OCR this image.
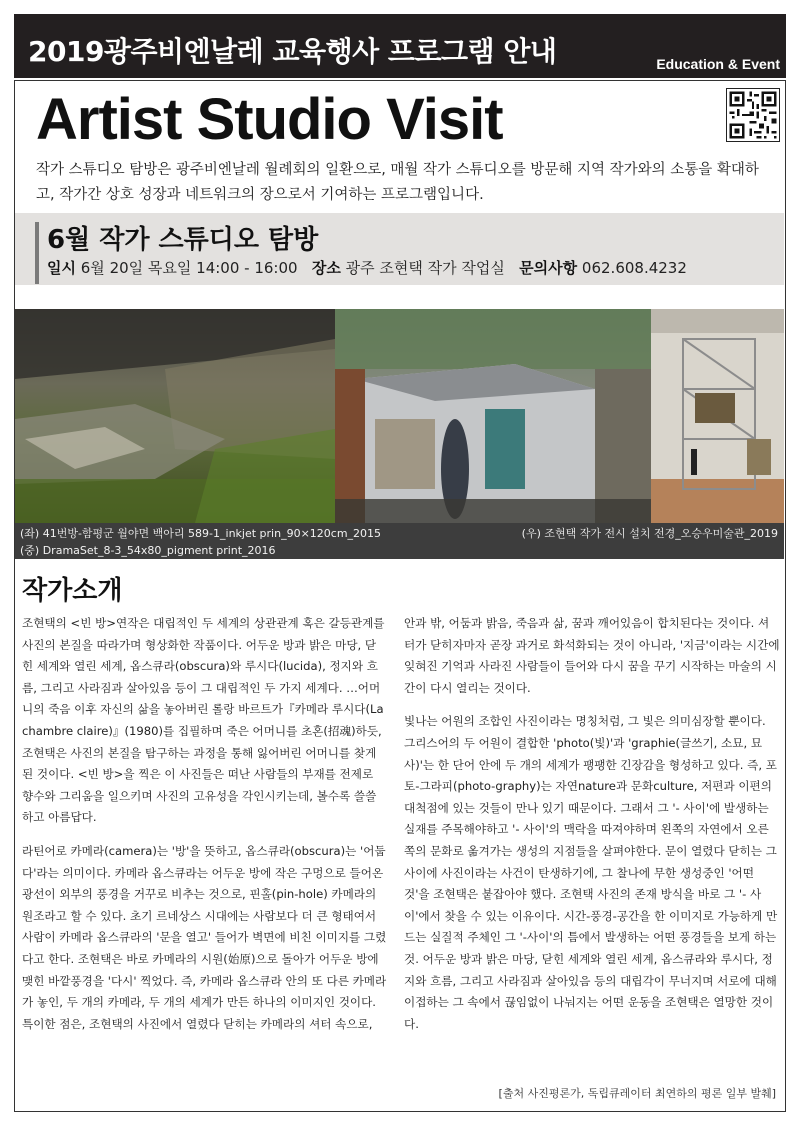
2019광주비엔날레 교육행사 프로그램 안내	Education & Event
Artist Studio Visit
작가 스튜디오 탐방은 광주비엔날레 월례회의 일환으로, 매월 작가 스튜디오를 방문해 지역 작가와의 소통을 확대하고, 작가간 상호 성장과 네트워크의 장으로서 기여하는 프로그램입니다.
6월 작가 스튜디오 탐방
일시 6월 20일 목요일 14:00 - 16:00 장소 광주 조현택 작가 작업실 문의사항 062.608.4232
(좌) 41번방-함평군 월야면 백아리 589-1_inkjet prin_90×120cm_2015
(중) DramaSet_8-3_54x80_pigment print_2016
(우) 조현택 작가 전시 설치 전경_오승우미술관_2019
작가소개

조현택의 <빈 방>연작은 대립적인 두 세계의 상관관계 혹은 갈등관계를 사진의 본질을 따라가며 형상화한 작품이다. 어두운 방과 밝은 마당, 닫힌 세계와 열린 세계, 옵스큐라(obscura)와 루시다(lucida), 정지와 흐름, 그리고 사라짐과 살아있음 등이 그 대립적인 두 가지 세계다. …어머니의 죽음 이후 자신의 삶을 놓아버린 롤랑 바르트가『카메라 루시다(La chambre claire)』(1980)를 집필하며 죽은 어머니를 초혼(招魂)하듯, 조현택은 사진의 본질을 탐구하는 과정을 통해 잃어버린 어머니를 찾게 된 것이다. <빈 방>을 찍은 이 사진들은 떠난 사람들의 부재를 전제로 향수와 그리움을 일으키며 사진의 고유성을 각인시키는데, 볼수록 쓸쓸하고 아름답다.

라틴어로 카메라(camera)는 '방'을 뜻하고, 옵스큐라(obscura)는 '어둡다'라는 의미이다. 카메라 옵스큐라는 어두운 방에 작은 구멍으로 들어온 광선이 외부의 풍경을 거꾸로 비추는 것으로, 핀홀(pin-hole) 카메라의 원조라고 할 수 있다. 초기 르네상스 시대에는 사람보다 더 큰 형태여서 사람이 카메라 옵스큐라의 '문을 열고' 들어가 벽면에 비친 이미지를 그렸다고 한다. 조현택은 바로 카메라의 시원(始原)으로 돌아가 어두운 방에 맺힌 바깥풍경을 '다시' 찍었다. 즉, 카메라 옵스큐라 안의 또 다른 카메라가 놓인, 두 개의 카메라, 두 개의 세계가 만든 하나의 이미지인 것이다. 특이한 점은, 조현택의 사진에서 열렸다 닫히는 카메라의 셔터 속으로,

안과 밖, 어둠과 밝음, 죽음과 삶, 꿈과 깨어있음이 합치된다는 것이다. 셔터가 닫히자마자 곧장 과거로 화석화되는 것이 아니라, '지금'이라는 시간에 잊혀진 기억과 사라진 사람들이 들어와 다시 꿈을 꾸기 시작하는 마술의 시간이 다시 열리는 것이다.

빛나는 어원의 조합인 사진이라는 명칭처럼, 그 빛은 의미심장할 뿐이다. 그리스어의 두 어원이 결합한 'photo(빛)'과 'graphie(글쓰기, 소묘, 묘사)'는 한 단어 안에 두 개의 세계가 팽팽한 긴장감을 형성하고 있다. 즉, 포토-그라피(photo-graphy)는 자연nature과 문화culture, 저편과 이편의 대척점에 있는 것들이 만나 있기 때문이다. 그래서 그 '- 사이'에 발생하는 실재를 주목해야하고 '- 사이'의 맥락을 따져야하며 왼쪽의 자연에서 오른쪽의 문화로 옮겨가는 생성의 지점들을 살펴야한다. 문이 열렸다 닫히는 그 사이에 사진이라는 사건이 탄생하기에, 그 찰나에 무한 생성중인 '어떤 것'을 조현택은 붙잡아야 했다. 조현택 사진의 존재 방식을 바로 그 '- 사이'에서 찾을 수 있는 이유이다. 시간-풍경-공간을 한 이미지로 가능하게 만드는 실질적 주체인 그 '-사이'의 틈에서 발생하는 어떤 풍경들을 보게 하는 것. 어두운 방과 밝은 마당, 닫힌 세계와 열린 세계, 옵스큐라와 루시다, 정지와 흐름, 그리고 사라짐과 살아있음 등의 대립각이 무너지며 서로에 대해 이접하는 그 속에서 끊임없이 나눠지는 어떤 운동을 조현택은 열망한 것이다.

[출처 사진평론가, 독립큐레이터 최연하의 평론 일부 발췌]
